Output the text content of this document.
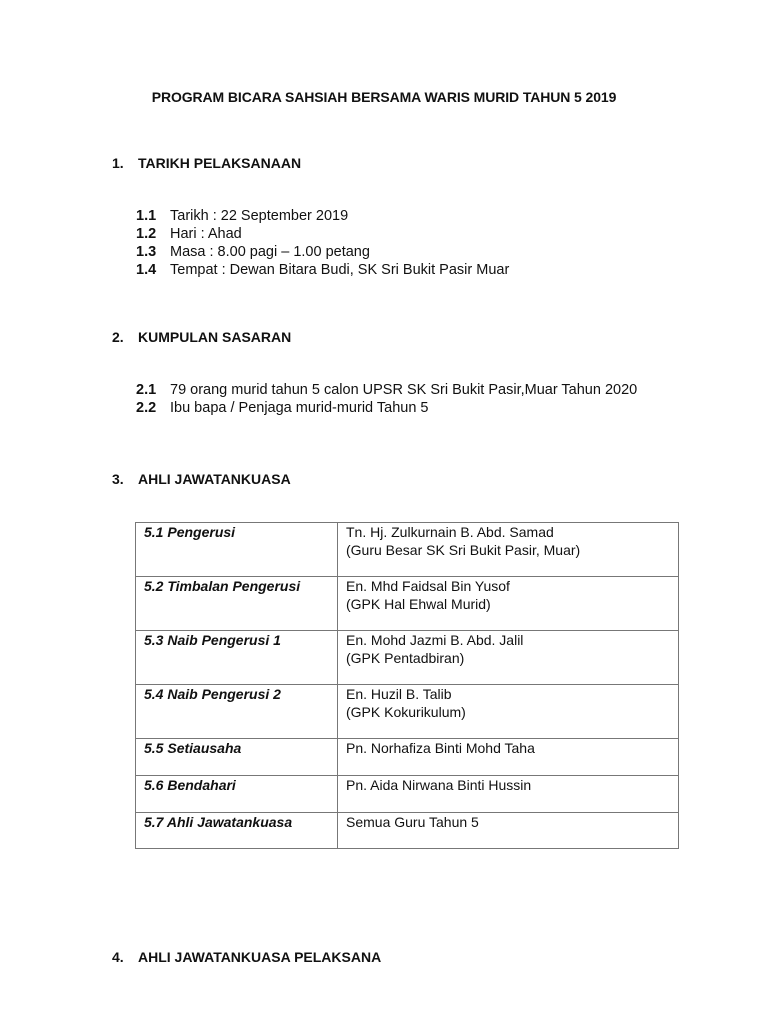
PROGRAM BICARA SAHSIAH BERSAMA WARIS MURID TAHUN 5 2019
1. TARIKH PELAKSANAAN
1.1 Tarikh : 22 September 2019
1.2 Hari : Ahad
1.3 Masa : 8.00 pagi – 1.00 petang
1.4 Tempat : Dewan Bitara Budi, SK Sri Bukit Pasir Muar
2. KUMPULAN SASARAN
2.1 79 orang murid tahun 5 calon UPSR SK Sri Bukit Pasir,Muar Tahun 2020
2.2 Ibu bapa / Penjaga murid-murid Tahun 5
3. AHLI JAWATANKUASA
5.1 Pengerusi	Tn. Hj. Zulkurnain B. Abd. Samad
(Guru Besar SK Sri Bukit Pasir, Muar)

5.2 Timbalan Pengerusi	En. Mhd Faidsal Bin Yusof
(GPK Hal Ehwal Murid)

5.3 Naib Pengerusi 1	En. Mohd Jazmi B. Abd. Jalil
(GPK Pentadbiran)

5.4 Naib Pengerusi 2	En. Huzil B. Talib
(GPK Kokurikulum)

5.5 Setiausaha	Pn. Norhafiza Binti Mohd Taha

5.6 Bendahari	Pn. Aida Nirwana Binti Hussin

5.7 Ahli Jawatankuasa	Semua Guru Tahun 5
4. AHLI JAWATANKUASA PELAKSANA
